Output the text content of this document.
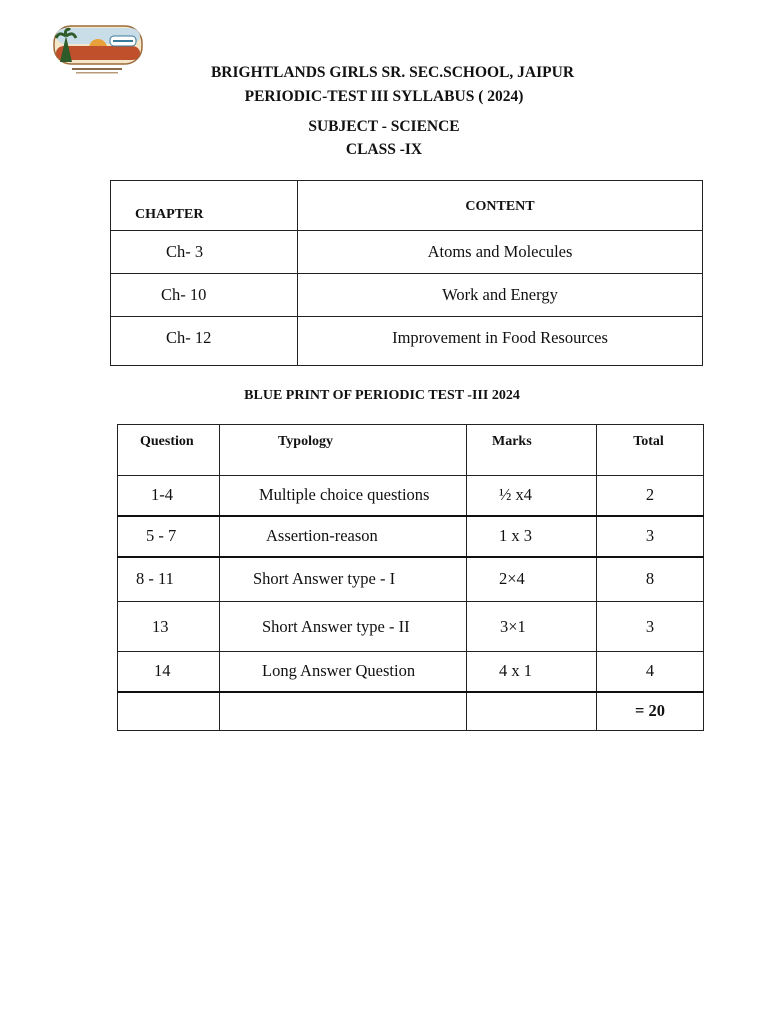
BRIGHTLANDS GIRLS SR. SEC.SCHOOL, JAIPUR
PERIODIC-TEST III SYLLABUS ( 2024)
SUBJECT - SCIENCE
CLASS -IX
CHAPTER	CONTENT
Ch- 3	Atoms and Molecules
Ch- 10	Work and Energy
Ch- 12	Improvement in Food Resources
BLUE PRINT OF PERIODIC TEST -III 2024
Question	Typology	Marks	Total
1-4	Multiple choice questions	½ x4	2
5 - 7	Assertion-reason	1 x 3	3
8 - 11	Short Answer type - I	2×4	8
13	Short Answer type - II	3×1	3
14	Long Answer Question	4 x 1	4
			= 20
